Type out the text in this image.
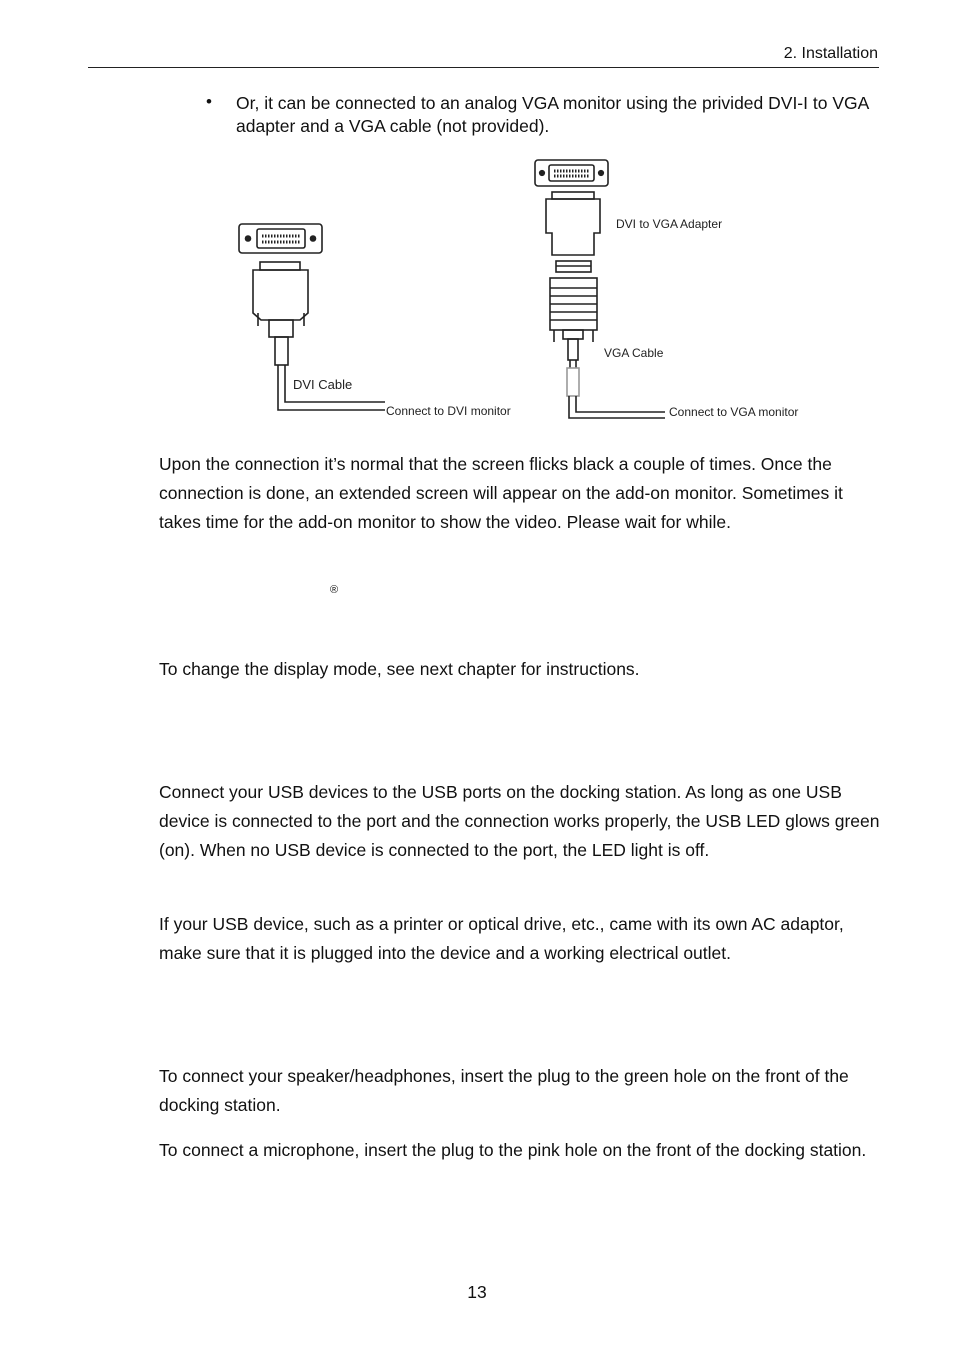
2. Installation
• Or, it can be connected to an analog VGA monitor using the privided DVI-I to VGA adapter and a VGA cable (not provided).
DVI Cable
Connect to DVI monitor
DVI to VGA Adapter
VGA Cable
Connect to VGA monitor
Upon the connection it’s normal that the screen flicks black a couple of times. Once the connection is done, an extended screen will appear on the add-on monitor. Sometimes it takes time for the add-on monitor to show the video. Please wait for while.
®
To change the display mode, see next chapter for instructions.
Connect your USB devices to the USB ports on the docking station. As long as one USB device is connected to the port and the connection works properly, the USB LED glows green (on). When no USB device is connected to the port, the LED light is off.
If your USB device, such as a printer or optical drive, etc., came with its own AC adaptor, make sure that it is plugged into the device and a working electrical outlet.
To connect your speaker/headphones, insert the plug to the green hole on the front of the docking station.
To connect a microphone, insert the plug to the pink hole on the front of the docking station.
13
